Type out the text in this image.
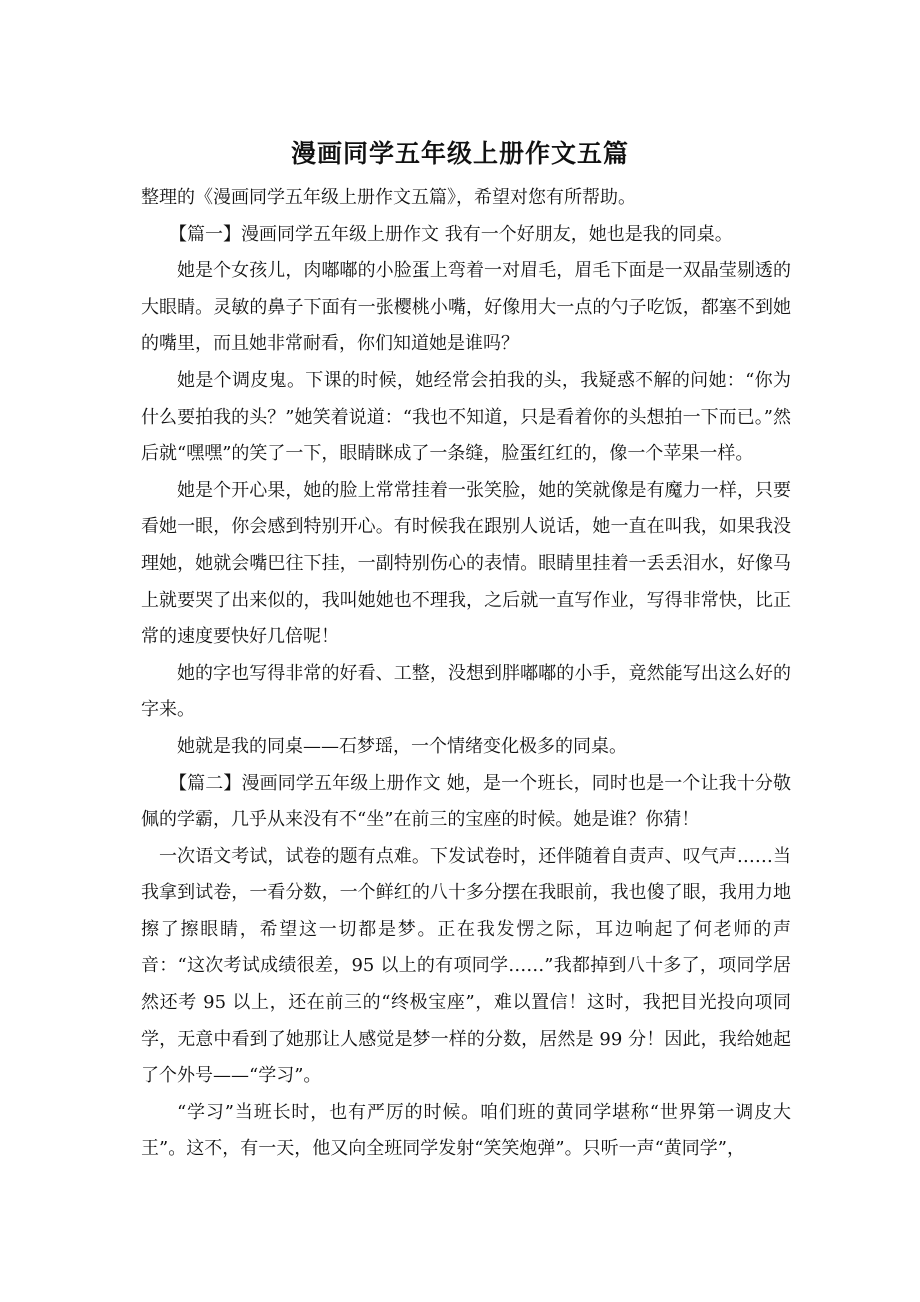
漫画同学五年级上册作文五篇

整理的《漫画同学五年级上册作文五篇》，希望对您有所帮助。

【篇一】漫画同学五年级上册作文 我有一个好朋友，她也是我的同桌。

她是个女孩儿，肉嘟嘟的小脸蛋上弯着一对眉毛，眉毛下面是一双晶莹剔透的大眼睛。灵敏的鼻子下面有一张樱桃小嘴，好像用大一点的勺子吃饭，都塞不到她的嘴里，而且她非常耐看，你们知道她是谁吗？

她是个调皮鬼。下课的时候，她经常会拍我的头，我疑惑不解的问她：“你为什么要拍我的头？”她笑着说道：“我也不知道，只是看着你的头想拍一下而已。”然后就“嘿嘿”的笑了一下，眼睛眯成了一条缝，脸蛋红红的，像一个苹果一样。

她是个开心果，她的脸上常常挂着一张笑脸，她的笑就像是有魔力一样，只要看她一眼，你会感到特别开心。有时候我在跟别人说话，她一直在叫我，如果我没理她，她就会嘴巴往下挂，一副特别伤心的表情。眼睛里挂着一丢丢泪水，好像马上就要哭了出来似的，我叫她她也不理我，之后就一直写作业，写得非常快，比正常的速度要快好几倍呢！

她的字也写得非常的好看、工整，没想到胖嘟嘟的小手，竟然能写出这么好的字来。

她就是我的同桌——石梦瑶，一个情绪变化极多的同桌。

【篇二】漫画同学五年级上册作文 她，是一个班长，同时也是一个让我十分敬佩的学霸，几乎从来没有不“坐”在前三的宝座的时候。她是谁？你猜！

一次语文考试，试卷的题有点难。下发试卷时，还伴随着自责声、叹气声……当我拿到试卷，一看分数，一个鲜红的八十多分摆在我眼前，我也傻了眼，我用力地擦了擦眼睛，希望这一切都是梦。正在我发愣之际，耳边响起了何老师的声音：“这次考试成绩很差，95 以上的有项同学……”我都掉到八十多了，项同学居然还考 95 以上，还在前三的“终极宝座”，难以置信！这时，我把目光投向项同学，无意中看到了她那让人感觉是梦一样的分数，居然是 99 分！因此，我给她起了个外号——“学习”。

“学习”当班长时，也有严厉的时候。咱们班的黄同学堪称“世界第一调皮大王”。这不，有一天，他又向全班同学发射“笑笑炮弹”。只听一声“黄同学”，
